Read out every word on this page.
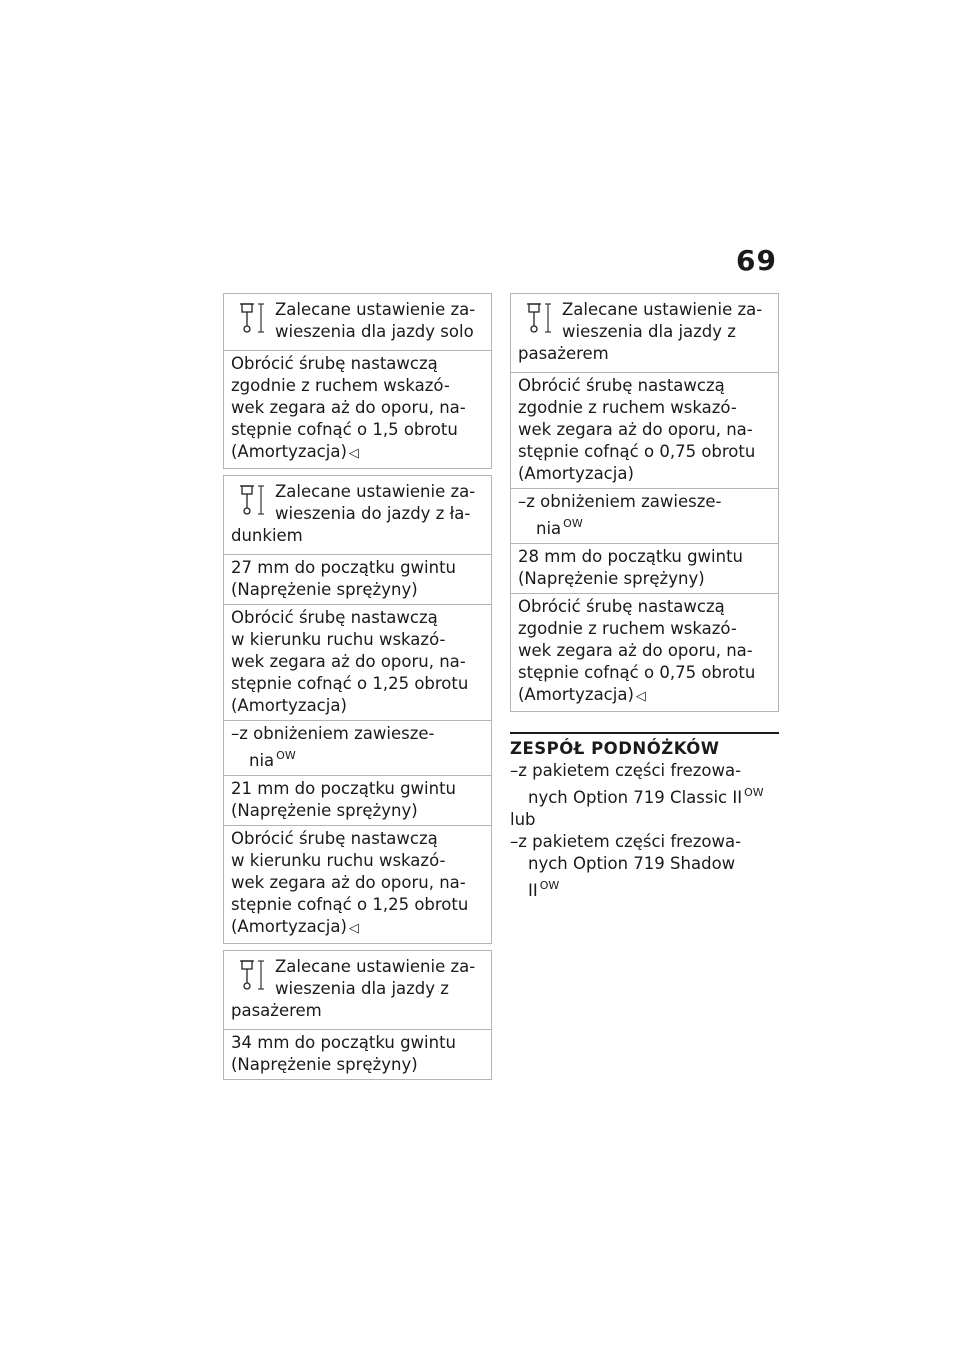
69
Zalecane ustawienie za-
wieszenia dla jazdy solo
Obrócić śrubę nastawczą
zgodnie z ruchem wskazó-
wek zegara aż do oporu, na-
stępnie cofnąć o 1,5 obrotu
(Amortyzacja) ◁
Zalecane ustawienie za-
wieszenia do jazdy z ła-
dunkiem
27 mm do początku gwintu
(Naprężenie sprężyny)
Obrócić śrubę nastawczą
w kierunku ruchu wskazó-
wek zegara aż do oporu, na-
stępnie cofnąć o 1,25 obrotu
(Amortyzacja)
–z obniżeniem zawiesze-
nia $^{OW}$
21 mm do początku gwintu
(Naprężenie sprężyny)
Obrócić śrubę nastawczą
w kierunku ruchu wskazó-
wek zegara aż do oporu, na-
stępnie cofnąć o 1,25 obrotu
(Amortyzacja) ◁
Zalecane ustawienie za-
wieszenia dla jazdy z
pasażerem
34 mm do początku gwintu
(Naprężenie sprężyny)
Zalecane ustawienie za-
wieszenia dla jazdy z
pasażerem
Obrócić śrubę nastawczą
zgodnie z ruchem wskazó-
wek zegara aż do oporu, na-
stępnie cofnąć o 0,75 obrotu
(Amortyzacja)
–z obniżeniem zawiesze-
nia $^{OW}$
28 mm do początku gwintu
(Naprężenie sprężyny)
Obrócić śrubę nastawczą
zgodnie z ruchem wskazó-
wek zegara aż do oporu, na-
stępnie cofnąć o 0,75 obrotu
(Amortyzacja) ◁
ZESPÓŁ PODNÓŻKÓW
–z pakietem części frezowa-
nych Option 719 Classic II $^{OW}$
lub
–z pakietem części frezowa-
nych Option 719 Shadow
II $^{OW}$
